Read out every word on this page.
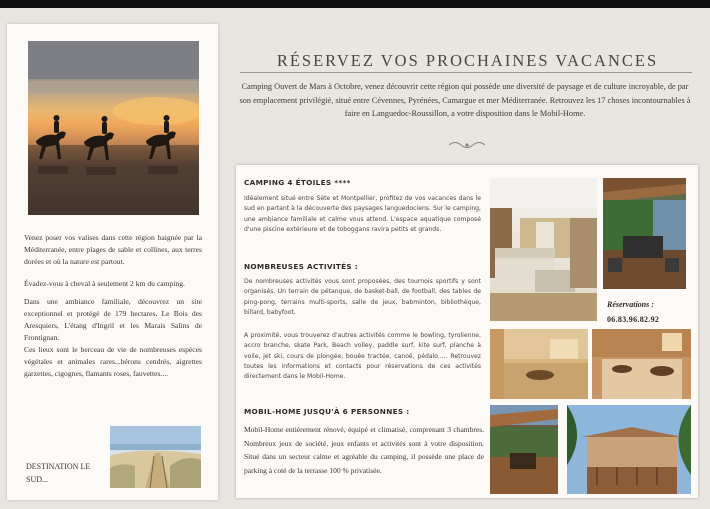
Venez poser vos valises dans cette région baignée par la Méditerranée, entre plages de sable et collines, aux terres dorées et où la nature est partout.

Évadez-vous à cheval à seulement 2 km du camping.

Dans une ambiance familiale, découvrez un site exceptionnel et protégé de 179 hectares, Le Bois des Aresquiers, L'étang d'Ingril et les Marais Salins de Frontignan.

Ces lieux sont le berceau de vie de nombreuses espèces végétales et animales rares...hérons cendrés, aigrettes garzettes, cigognes, flamants roses, fauvettes....

DESTINATION LE SUD...
RÉSERVEZ VOS PROCHAINES VACANCES
Camping Ouvert de Mars à Octobre, venez découvrir cette région qui possède une diversité de paysage et de culture incroyable, de par son emplacement privilégié, situé entre Cévennes, Pyrénées, Camargue et mer Méditerranée. Retrouvez les 17 choses incontournables à faire en Languedoc-Roussillon, a votre disposition dans le Mobil-Home.
CAMPING 4 ÉTOILES ****
Idéalement situé entre Sète et Montpellier, profitez de vos vacances dans le sud en partant à la découverte des paysages languedociens. Sur le camping, une ambiance familiale et calme vous attend. L'espace aquatique composé d'une piscine extérieure et de toboggans ravira petits et grands.
NOMBREUSES ACTIVITÉS :
De nombreuses activités vous sont proposées, des tournois sportifs y sont organisés. Un terrain de pétanque, de basket-ball, de football, des tables de ping-pong, terrains multi-sports, salle de jeux, babminton, bibliothèque, billard, babyfoot.
A proximité, vous trouverez d'autres activités comme le bowling, tyrolienne, accro branche, skate Park, Beach volley, paddle surf, kite surf, planche à voile, jet ski, cours de plongée, bouée tractée, canoë, pédalo..... Retrouvez toutes les informations et contacts pour réservations de ces activités directement dans le Mobil-Home.
MOBIL-HOME JUSQU'À 6 PERSONNES :
Mobil-Home entièrement rénové, équipé et climatisé, comprenant 3 chambres. Nombreux jeux de société, jeux enfants et activités sont à votre disposition. Situé dans un secteur calme et agréable du camping, il possède une place de parking à coté de la terrasse 100 % privatisée.
Réservations :
06.83.96.82.92
